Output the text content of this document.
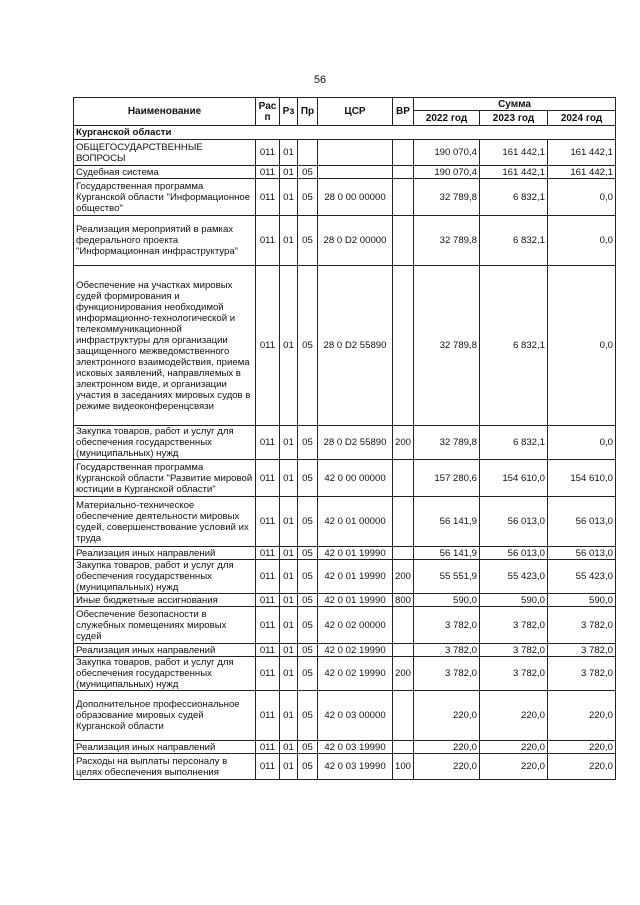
56
Наименование	Рас п	Рз	Пр	ЦСР	ВР	Сумма		
						2022 год	2023 год	2024 год
Курганской области								
ОБЩЕГОСУДАРСТВЕННЫЕ ВОПРОСЫ	011	01				190 070,4	161 442,1	161 442,1
Судебная система	011	01	05			190 070,4	161 442,1	161 442,1
Государственная программа Курганской области "Информационное общество"	011	01	05	28 0 00 00000		32 789,8	6 832,1	0,0
Реализация мероприятий в рамках федерального проекта "Информационная инфраструктура"	011	01	05	28 0 D2 00000		32 789,8	6 832,1	0,0
Обеспечение на участках мировых судей формирования и функционирования необходимой информационно-технологической и телекоммуникационной инфраструктуры для организации защищенного межведомственного электронного взаимодействия, приема исковых заявлений, направляемых в электронном виде, и организации участия в заседаниях мировых судов в режиме видеоконференцсвязи	011	01	05	28 0 D2 55890		32 789,8	6 832,1	0,0
Закупка товаров, работ и услуг для обеспечения государственных (муниципальных) нужд	011	01	05	28 0 D2 55890	200	32 789,8	6 832,1	0,0
Государственная программа Курганской области "Развитие мировой юстиции в Курганской области"	011	01	05	42 0 00 00000		157 280,6	154 610,0	154 610,0
Материально-техническое обеспечение деятельности мировых судей, совершенствование условий их труда	011	01	05	42 0 01 00000		56 141,9	56 013,0	56 013,0
Реализация иных направлений	011	01	05	42 0 01 19990		56 141,9	56 013,0	56 013,0
Закупка товаров, работ и услуг для обеспечения государственных (муниципальных) нужд	011	01	05	42 0 01 19990	200	55 551,9	55 423,0	55 423,0
Иные бюджетные ассигнования	011	01	05	42 0 01 19990	800	590,0	590,0	590,0
Обеспечение безопасности в служебных помещениях мировых судей	011	01	05	42 0 02 00000		3 782,0	3 782,0	3 782,0
Реализация иных направлений	011	01	05	42 0 02 19990		3 782,0	3 782,0	3 782,0
Закупка товаров, работ и услуг для обеспечения государственных (муниципальных) нужд	011	01	05	42 0 02 19990	200	3 782,0	3 782,0	3 782,0
Дополнительное профессиональное образование мировых судей Курганской области	011	01	05	42 0 03 00000		220,0	220,0	220,0
Реализация иных направлений	011	01	05	42 0 03 19990		220,0	220,0	220,0
Расходы на выплаты персоналу в целях обеспечения выполнения	011	01	05	42 0 03 19990	100	220,0	220,0	220,0
